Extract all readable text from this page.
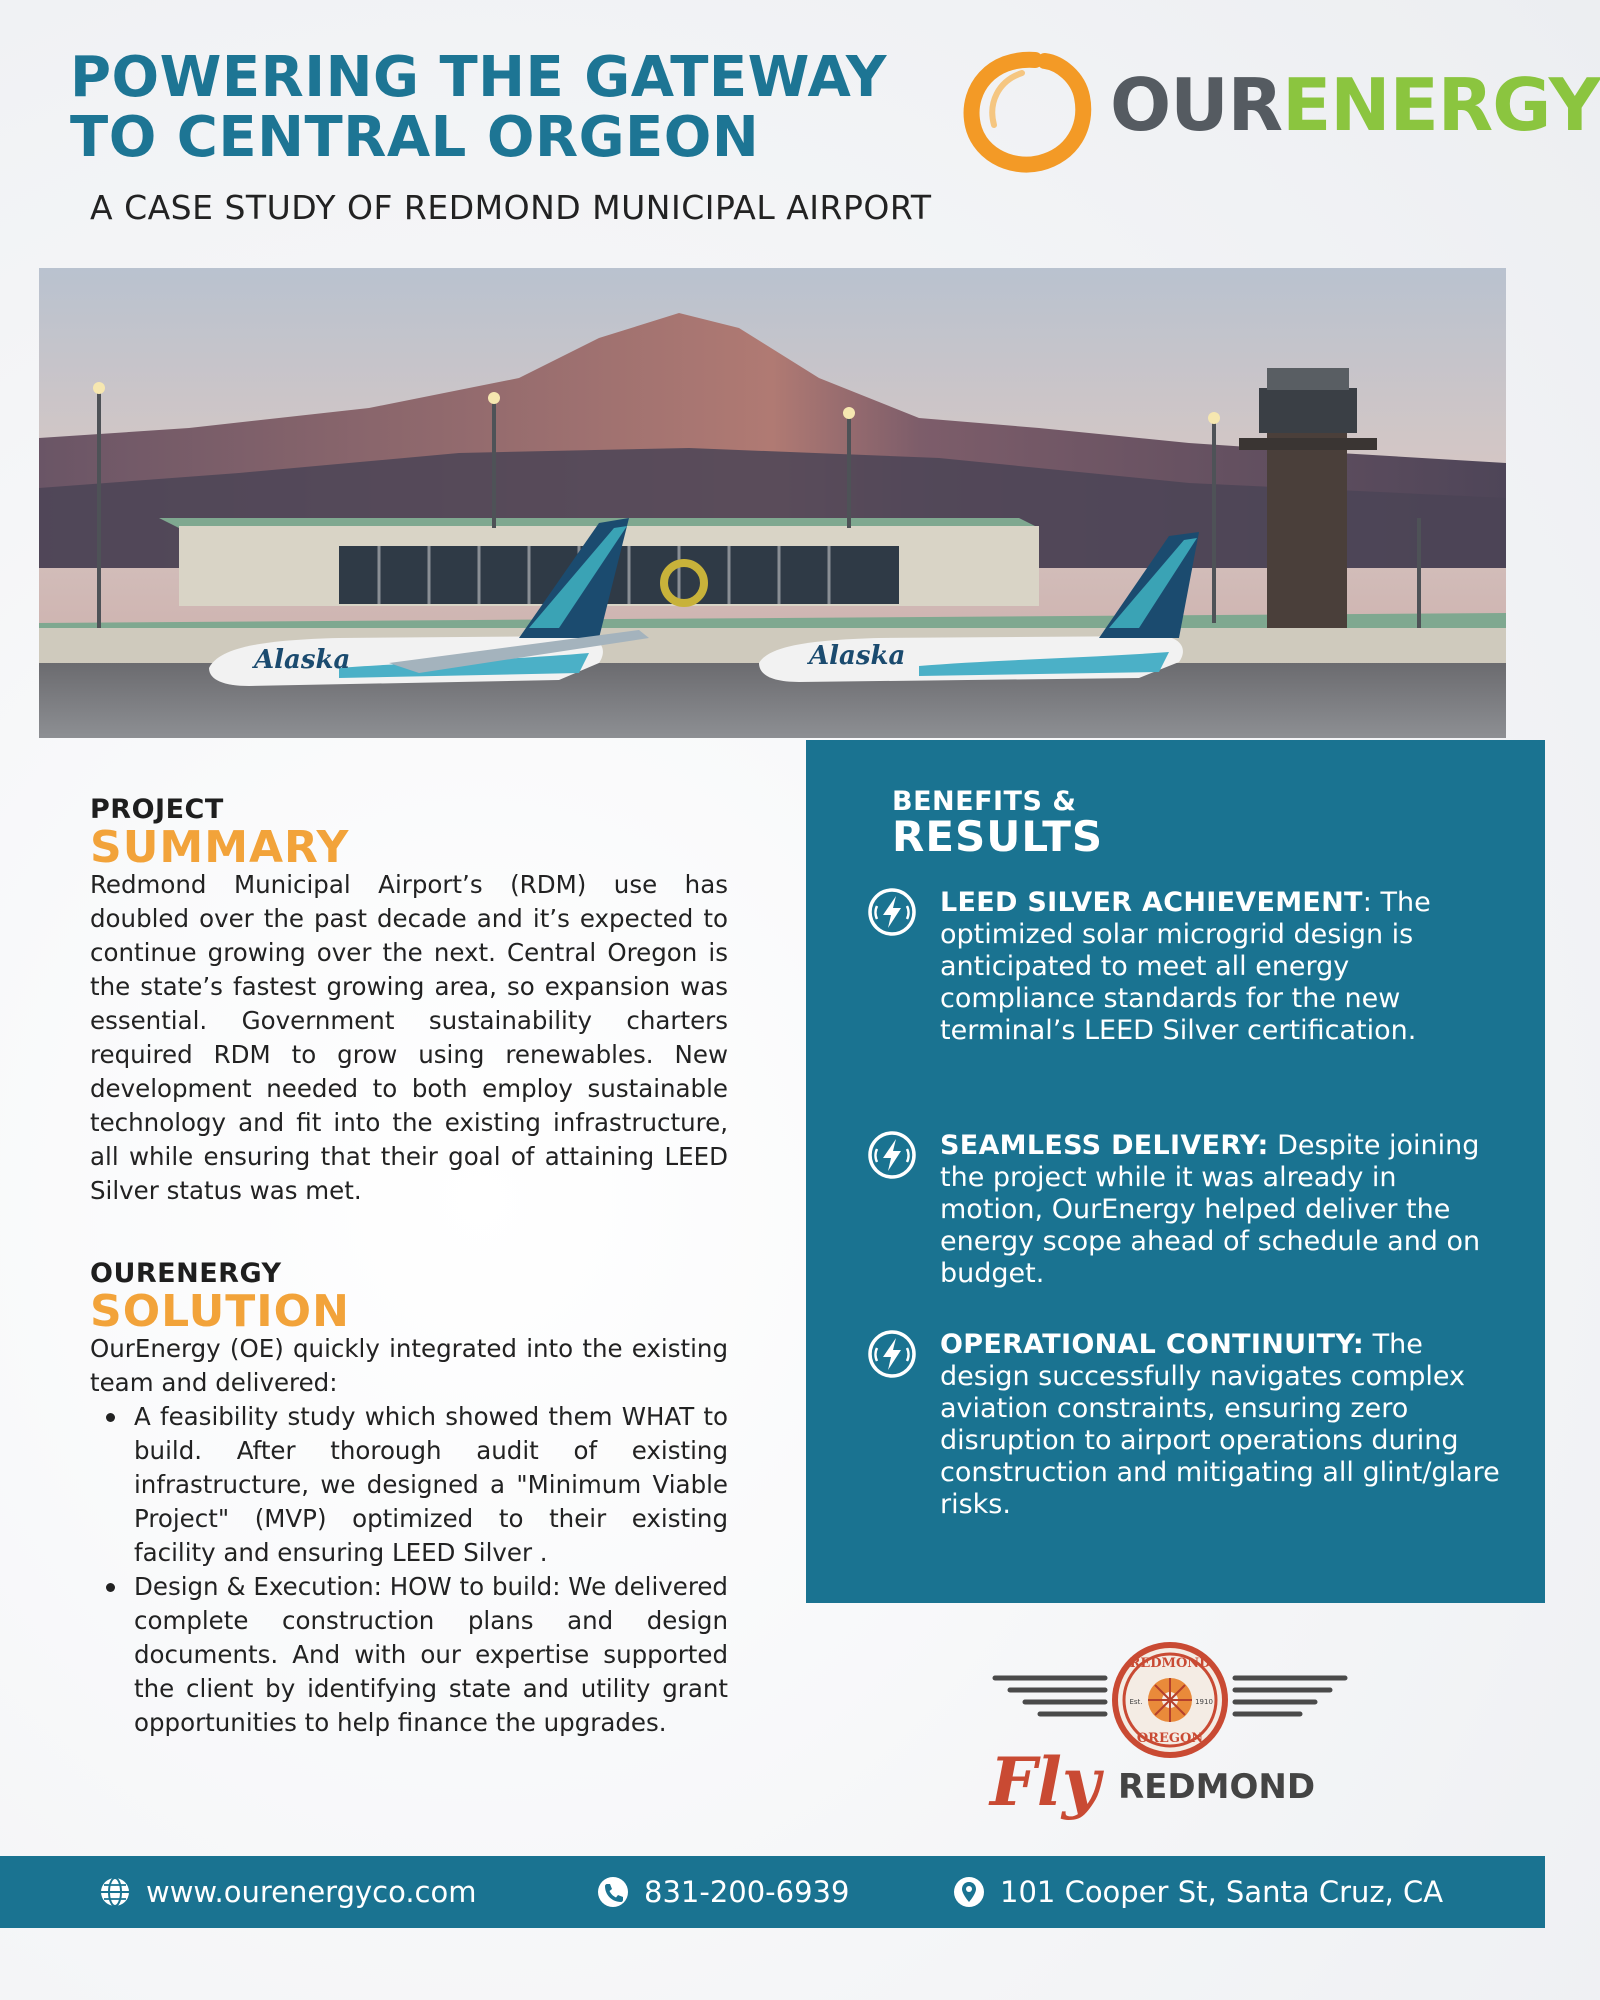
POWERING THE GATEWAY
TO CENTRAL ORGEON
A CASE STUDY OF REDMOND MUNICIPAL AIRPORT
OURENERGY
Alaska	Alaska
PROJECT
SUMMARY

Redmond Municipal Airport’s (RDM) use has doubled over the past decade and it’s expected to continue growing over the next. Central Oregon is the state’s fastest growing area, so expansion was essential. Government sustainability charters required RDM to grow using renewables. New development needed to both employ sustainable technology and fit into the existing infrastructure, all while ensuring that their goal of attaining LEED Silver status was met.

OURENERGY
SOLUTION

OurEnergy (OE) quickly integrated into the existing team and delivered:

A feasibility study which showed them WHAT to build. After thorough audit of existing infrastructure, we designed a "Minimum Viable Project" (MVP) optimized to their existing facility and ensuring LEED Silver .
Design & Execution: HOW to build: We delivered complete construction plans and design documents. And with our expertise supported the client by identifying state and utility grant opportunities to help finance the upgrades.
BENEFITS &
RESULTS

LEED SILVER ACHIEVEMENT: The optimized solar microgrid design is anticipated to meet all energy compliance standards for the new terminal’s LEED Silver certification.

SEAMLESS DELIVERY: Despite joining the project while it was already in motion, OurEnergy helped deliver the energy scope ahead of schedule and on budget.

OPERATIONAL CONTINUITY: The design successfully navigates complex aviation constraints, ensuring zero disruption to airport operations during construction and mitigating all glint/glare risks.

REDMOND
OREGON
Est.	1910
Fly REDMOND
www.ourenergyco.com	831-200-6939	101 Cooper St, Santa Cruz, CA
